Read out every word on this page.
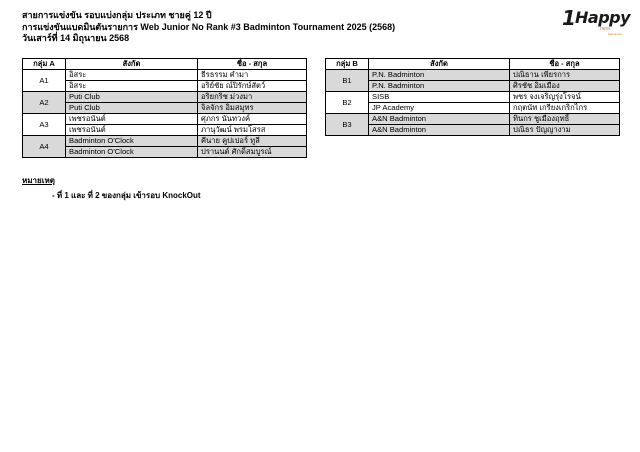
สายการแข่งขัน รอบแบ่งกลุ่ม ประเภท ชายคู่ 12 ปี
การแข่งขันแบดมินตันรายการ Web Junior No Rank #3 Badminton Tournament 2025 (2568)
วันเสาร์ที่ 14 มิถุนายน 2568
1 Happy
ness
badminton
กลุ่ม A	สังกัด	ชื่อ - สกุล
A1	อิสระ	ธีรธรรม คำมา
	อิสระ	อริย์ชัย ณ์ปิรักษ์สัตว์
A2	Puti Club	อริยกริช ม่วงมา
	Puti Club	จิลจักร อิ่มสมุทร
A3	เพชรอนันต์	ศุภกร นันทวงค์
	เพชรอนันต์	ภานุวัฒน์ พรมโสรส
A4	Badminton O'Clock	คีนาย คูปเปอร์ ทูลี
	Badminton O'Clock	ปรานนต์ ศักดิ์สมบูรณ์
กลุ่ม B	สังกัด	ชื่อ - สกุล
B1	P.N. Badminton	ปณิธาน เพียรการ
	P.N. Badminton	ศิรชัช อิ่มเมือง
B2	SISB	พชร จงเจริญรุ่งโรจน์
	JP Academy	กฤตนัท เกรียงเกริกไกร
B3	A&N Badminton	ทินกร ชูเมืองฤทธิ์
	A&N Badminton	ปณิธร ปัญญางาม
หมายเหตุ
- ที่ 1 และ ที่ 2 ของกลุ่ม เข้ารอบ KnockOut
